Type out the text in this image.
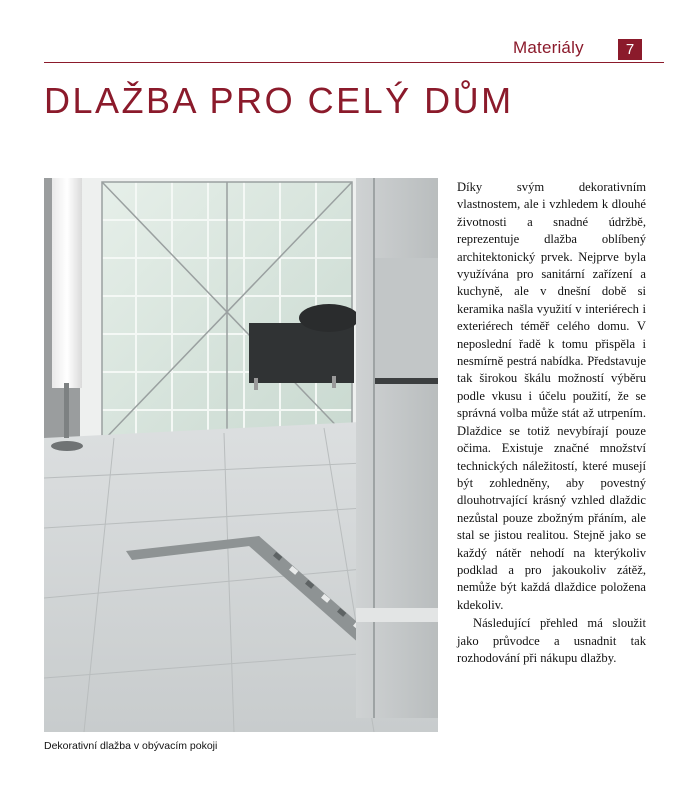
Materiály	7
DLAŽBA PRO CELÝ DŮM
Dekorativní dlažba v obývacím pokoji

Díky svým dekorativním vlastnostem, ale i vzhledem k dlouhé životnosti a snadné údržbě, reprezentuje dlažba oblíbený architektonický prvek. Nejprve byla využívána pro sanitární zařízení a kuchyně, ale v dnešní době si keramika našla využití v interiérech i exteriérech téměř celého domu. V neposlední řadě k tomu přispěla i nesmírně pestrá nabídka. Představuje tak širokou škálu možností výběru podle vkusu i účelu použití, že se správná volba může stát až utrpením. Dlaždice se totiž nevybírají pouze očima. Existuje značné množství technických náležitostí, které musejí být zohledněny, aby povestný dlouhotrvající krásný vzhled dlaždic nezůstal pouze zbožným přáním, ale stal se jistou realitou. Stejně jako se každý nátěr nehodí na kterýkoliv podklad a pro jakoukoliv zátěž, nemůže být každá dlaždice položena kdekoliv.

Následující přehled má sloužit jako průvodce a usnadnit tak rozhodování při nákupu dlažby.
